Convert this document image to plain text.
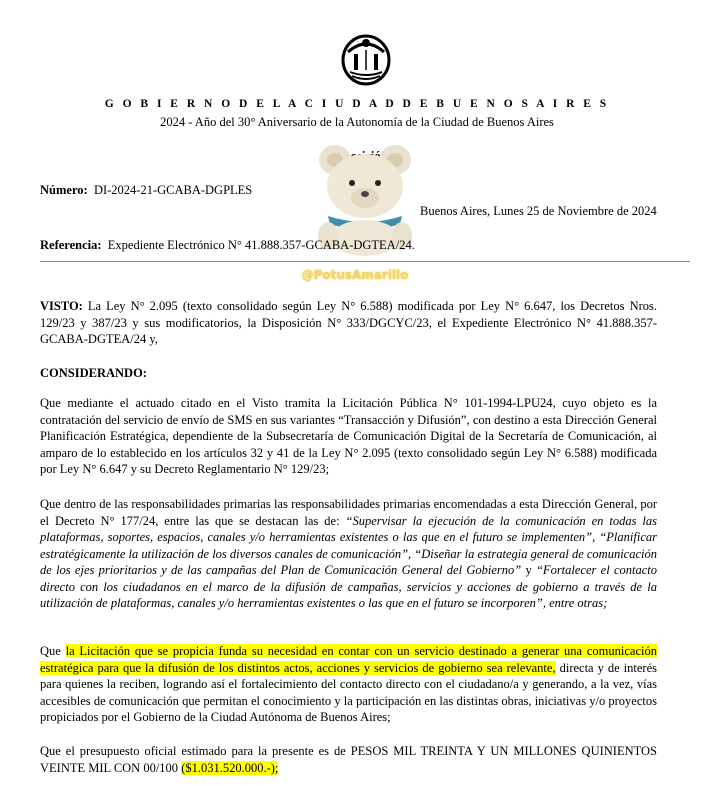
G O B I E R N O D E L A C I U D A D D E B U E N O S A I R E S
2024 - Año del 30° Aniversario de la Autonomía de la Ciudad de Buenos Aires
Número: DI-2024-21-GCABA-DGPLES
Buenos Aires, Lunes 25 de Noviembre de 2024
Referencia: Expediente Electrónico N° 41.888.357-GCABA-DGTEA/24.
@PotusAmarillo

VISTO: La Ley N° 2.095 (texto consolidado según Ley N° 6.588) modificada por Ley N° 6.647, los Decretos Nros. 129/23 y 387/23 y sus modificatorios, la Disposición N° 333/DGCYC/23, el Expediente Electrónico N° 41.888.357-GCABA-DGTEA/24 y,

CONSIDERANDO:

Que mediante el actuado citado en el Visto tramita la Licitación Pública N° 101-1994-LPU24, cuyo objeto es la contratación del servicio de envío de SMS en sus variantes “Transacción y Difusión”, con destino a esta Dirección General Planificación Estratégica, dependiente de la Subsecretaría de Comunicación Digital de la Secretaría de Comunicación, al amparo de lo establecido en los artículos 32 y 41 de la Ley N° 2.095 (texto consolidado según Ley N° 6.588) modificada por Ley N° 6.647 y su Decreto Reglamentario N° 129/23;

Que dentro de las responsabilidades primarias las responsabilidades primarias encomendadas a esta Dirección General, por el Decreto N° 177/24, entre las que se destacan las de: “Supervisar la ejecución de la comunicación en todas las plataformas, soportes, espacios, canales y/o herramientas existentes o las que en el futuro se implementen”, “Planificar estratégicamente la utilización de los diversos canales de comunicación”, “Diseñar la estrategia general de comunicación de los ejes prioritarios y de las campañas del Plan de Comunicación General del Gobierno” y “Fortalecer el contacto directo con los ciudadanos en el marco de la difusión de campañas, servicios y acciones de gobierno a través de la utilización de plataformas, canales y/o herramientas existentes o las que en el futuro se incorporen”, entre otras;

Que la Licitación que se propicia funda su necesidad en contar con un servicio destinado a generar una comunicación estratégica para que la difusión de los distintos actos, acciones y servicios de gobierno sea relevante, directa y de interés para quienes la reciben, logrando así el fortalecimiento del contacto directo con el ciudadano/a y generando, a la vez, vías accesibles de comunicación que permitan el conocimiento y la participación en las distintas obras, iniciativas y/o proyectos propiciados por el Gobierno de la Ciudad Autónoma de Buenos Aires;

Que el presupuesto oficial estimado para la presente es de PESOS MIL TREINTA Y UN MILLONES QUINIENTOS VEINTE MIL CON 00/100 ($1.031.520.000.-);
